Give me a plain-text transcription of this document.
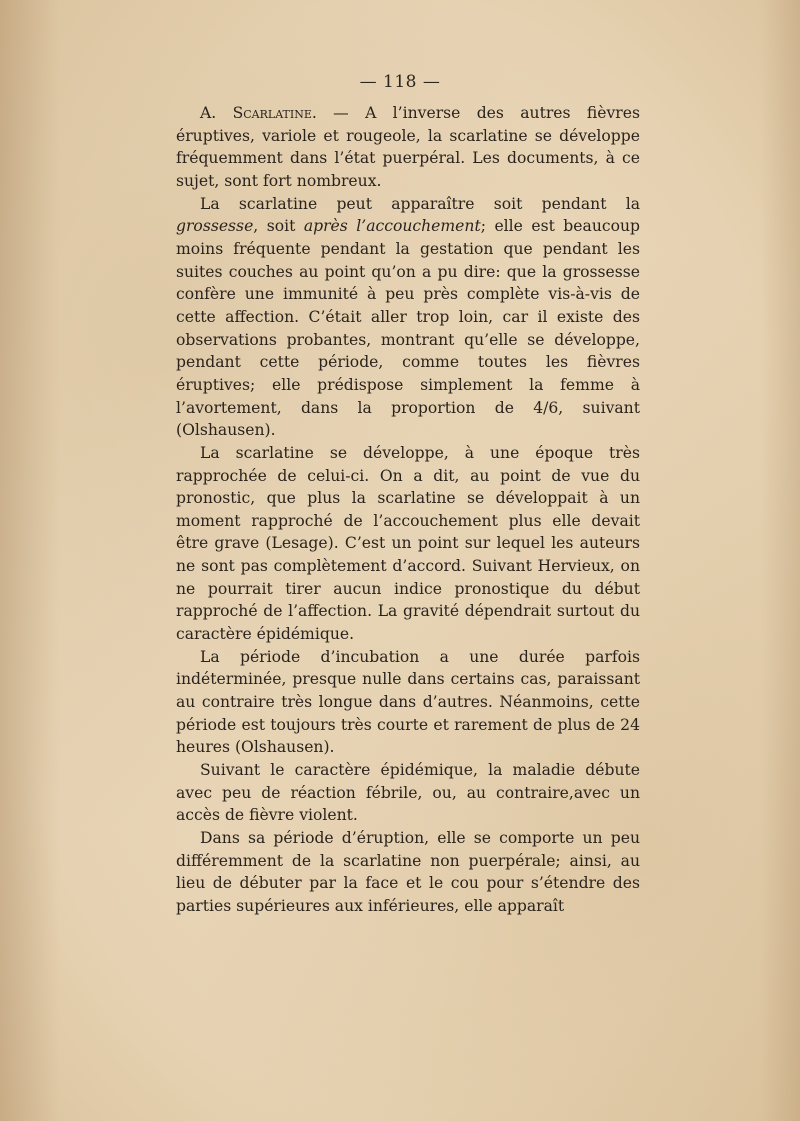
— 118 —

A. Scarlatine. — A l’inverse des autres fièvres éruptives, variole et rougeole, la scarlatine se développe fréquemment dans l’état puerpéral. Les documents, à ce sujet, sont fort nombreux.

La scarlatine peut apparaître soit pendant la grossesse, soit après l’accouchement; elle est beaucoup moins fréquente pendant la gestation que pendant les suites couches au point qu’on a pu dire: que la grossesse confère une immunité à peu près complète vis-à-vis de cette affection. C’était aller trop loin, car il existe des observations probantes, montrant qu’elle se développe, pendant cette période, comme toutes les fièvres éruptives; elle prédispose simplement la femme à l’avortement, dans la proportion de 4/6, suivant (Olshausen).

La scarlatine se développe, à une époque très rapprochée de celui-ci. On a dit, au point de vue du pronostic, que plus la scarlatine se développait à un moment rapproché de l’accouchement plus elle devait être grave (Lesage). C’est un point sur lequel les auteurs ne sont pas complètement d’accord. Suivant Hervieux, on ne pourrait tirer aucun indice pronostique du début rapproché de l’affection. La gravité dépendrait surtout du caractère épidémique.

La période d’incubation a une durée parfois indéterminée, presque nulle dans certains cas, paraissant au contraire très longue dans d’autres. Néanmoins, cette période est toujours très courte et rarement de plus de 24 heures (Olshausen).

Suivant le caractère épidémique, la maladie débute avec peu de réaction fébrile, ou, au contraire,avec un accès de fièvre violent.

Dans sa période d’éruption, elle se comporte un peu différemment de la scarlatine non puerpérale; ainsi, au lieu de débuter par la face et le cou pour s’étendre des parties supérieures aux inférieures, elle apparaît
